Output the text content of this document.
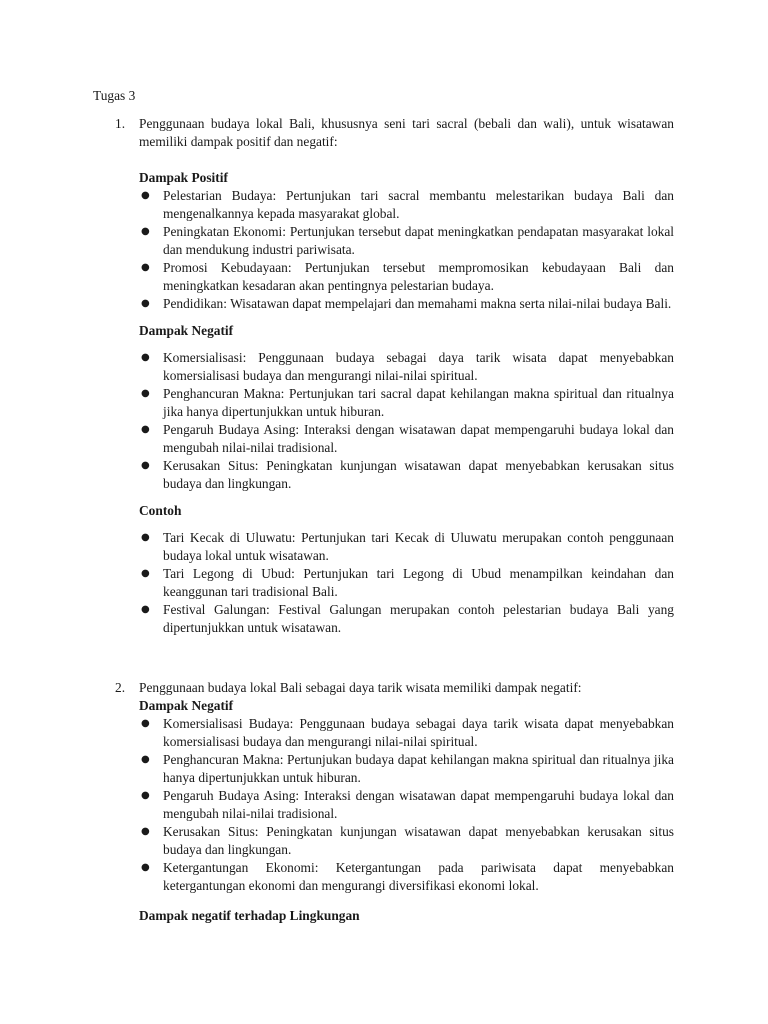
Tugas 3
1. Penggunaan budaya lokal Bali, khususnya seni tari sacral (bebali dan wali), untuk wisatawan memiliki dampak positif dan negatif:
Dampak Positif
● Pelestarian Budaya: Pertunjukan tari sacral membantu melestarikan budaya Bali dan mengenalkannya kepada masyarakat global.
● Peningkatan Ekonomi: Pertunjukan tersebut dapat meningkatkan pendapatan masyarakat lokal dan mendukung industri pariwisata.
● Promosi Kebudayaan: Pertunjukan tersebut mempromosikan kebudayaan Bali dan meningkatkan kesadaran akan pentingnya pelestarian budaya.
● Pendidikan: Wisatawan dapat mempelajari dan memahami makna serta nilai-nilai budaya Bali.
Dampak Negatif
● Komersialisasi: Penggunaan budaya sebagai daya tarik wisata dapat menyebabkan komersialisasi budaya dan mengurangi nilai-nilai spiritual.
● Penghancuran Makna: Pertunjukan tari sacral dapat kehilangan makna spiritual dan ritualnya jika hanya dipertunjukkan untuk hiburan.
● Pengaruh Budaya Asing: Interaksi dengan wisatawan dapat mempengaruhi budaya lokal dan mengubah nilai-nilai tradisional.
● Kerusakan Situs: Peningkatan kunjungan wisatawan dapat menyebabkan kerusakan situs budaya dan lingkungan.
Contoh
● Tari Kecak di Uluwatu: Pertunjukan tari Kecak di Uluwatu merupakan contoh penggunaan budaya lokal untuk wisatawan.
● Tari Legong di Ubud: Pertunjukan tari Legong di Ubud menampilkan keindahan dan keanggunan tari tradisional Bali.
● Festival Galungan: Festival Galungan merupakan contoh pelestarian budaya Bali yang dipertunjukkan untuk wisatawan.
2. Penggunaan budaya lokal Bali sebagai daya tarik wisata memiliki dampak negatif:
Dampak Negatif
● Komersialisasi Budaya: Penggunaan budaya sebagai daya tarik wisata dapat menyebabkan komersialisasi budaya dan mengurangi nilai-nilai spiritual.
● Penghancuran Makna: Pertunjukan budaya dapat kehilangan makna spiritual dan ritualnya jika hanya dipertunjukkan untuk hiburan.
● Pengaruh Budaya Asing: Interaksi dengan wisatawan dapat mempengaruhi budaya lokal dan mengubah nilai-nilai tradisional.
● Kerusakan Situs: Peningkatan kunjungan wisatawan dapat menyebabkan kerusakan situs budaya dan lingkungan.
● Ketergantungan Ekonomi: Ketergantungan pada pariwisata dapat menyebabkan ketergantungan ekonomi dan mengurangi diversifikasi ekonomi lokal.
Dampak negatif terhadap Lingkungan
